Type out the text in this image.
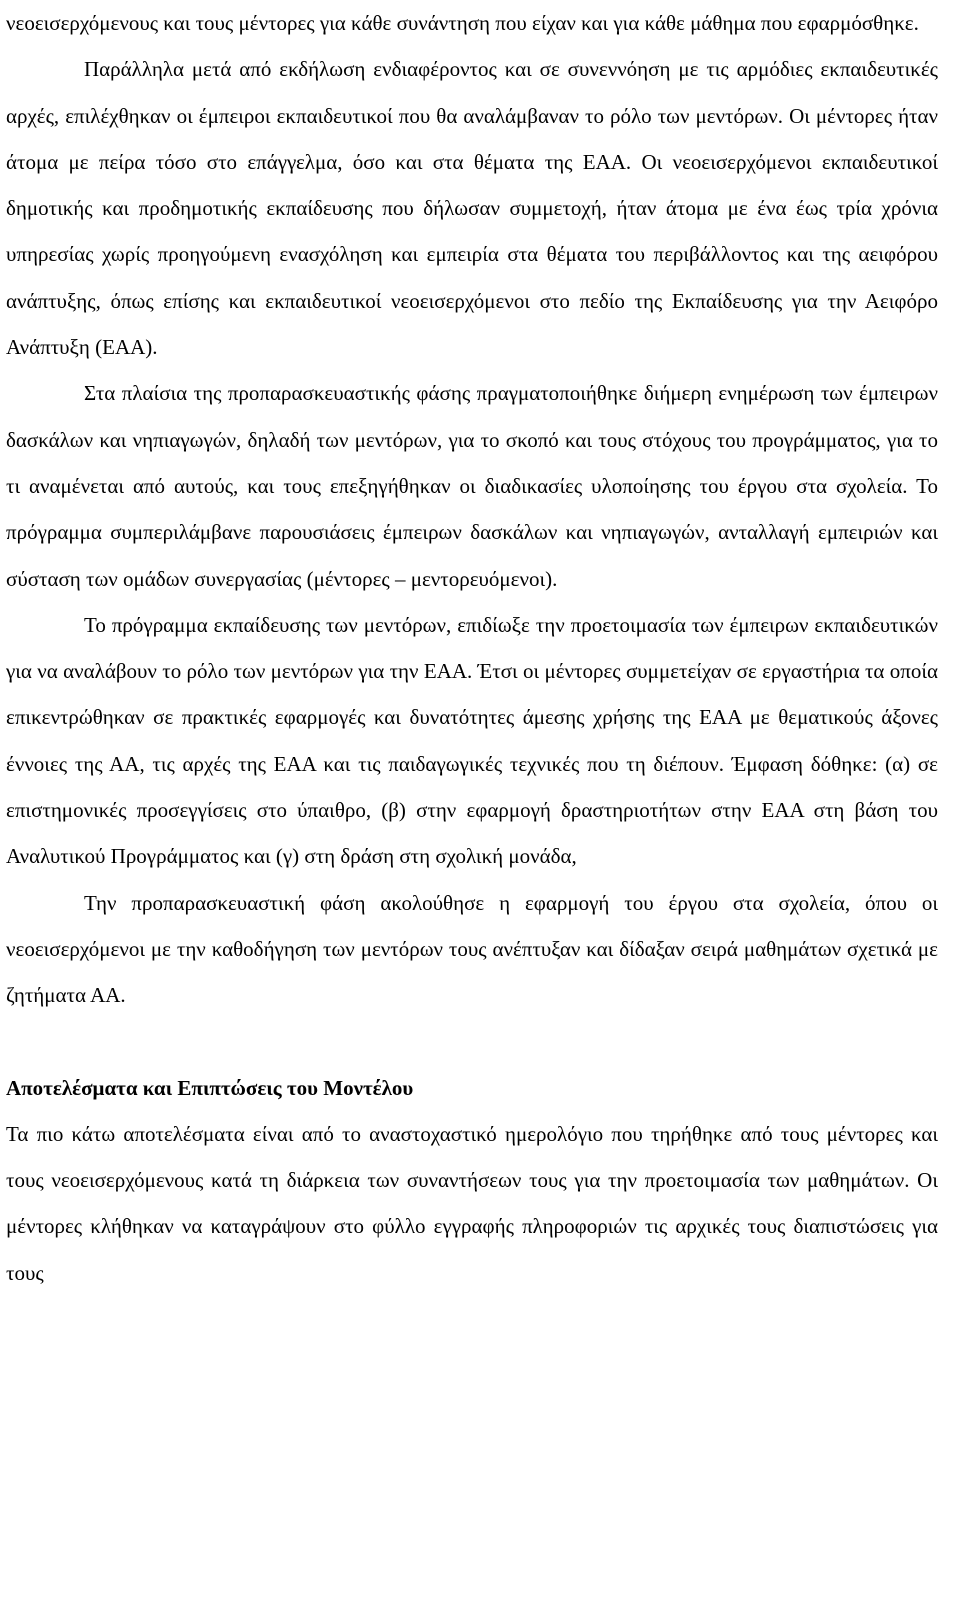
νεοεισερχόμενους και τους μέντορες για κάθε συνάντηση που είχαν και για κάθε μάθημα που εφαρμόσθηκε.

Παράλληλα μετά από εκδήλωση ενδιαφέροντος και σε συνεννόηση με τις αρμόδιες εκπαιδευτικές αρχές, επιλέχθηκαν οι έμπειροι εκπαιδευτικοί που θα αναλάμβαναν το ρόλο των μεντόρων. Οι μέντορες ήταν άτομα με πείρα τόσο στο επάγγελμα, όσο και στα θέματα της ΕΑΑ. Οι νεοεισερχόμενοι εκπαιδευτικοί δημοτικής και προδημοτικής εκπαίδευσης που δήλωσαν συμμετοχή, ήταν άτομα με ένα έως τρία χρόνια υπηρεσίας χωρίς προηγούμενη ενασχόληση και εμπειρία στα θέματα του περιβάλλοντος και της αειφόρου ανάπτυξης, όπως επίσης και εκπαιδευτικοί νεοεισερχόμενοι στο πεδίο της Εκπαίδευσης για την Αειφόρο Ανάπτυξη (ΕΑΑ).

Στα πλαίσια της προπαρασκευαστικής φάσης πραγματοποιήθηκε διήμερη ενημέρωση των έμπειρων δασκάλων και νηπιαγωγών, δηλαδή των μεντόρων, για το σκοπό και τους στόχους του προγράμματος, για το τι αναμένεται από αυτούς, και τους επεξηγήθηκαν οι διαδικασίες υλοποίησης του έργου στα σχολεία. Το πρόγραμμα συμπεριλάμβανε παρουσιάσεις έμπειρων δασκάλων και νηπιαγωγών, ανταλλαγή εμπειριών και σύσταση των ομάδων συνεργασίας (μέντορες – μεντορευόμενοι).

Το πρόγραμμα εκπαίδευσης των μεντόρων, επιδίωξε την προετοιμασία των έμπειρων εκπαιδευτικών για να αναλάβουν το ρόλο των μεντόρων για την ΕΑΑ. Έτσι οι μέντορες συμμετείχαν σε εργαστήρια τα οποία επικεντρώθηκαν σε πρακτικές εφαρμογές και δυνατότητες άμεσης χρήσης της ΕΑΑ με θεματικούς άξονες έννοιες της ΑΑ, τις αρχές της ΕΑΑ και τις παιδαγωγικές τεχνικές που τη διέπουν. Έμφαση δόθηκε: (α) σε επιστημονικές προσεγγίσεις στο ύπαιθρο, (β) στην εφαρμογή δραστηριοτήτων στην ΕΑΑ στη βάση του Αναλυτικού Προγράμματος και (γ) στη δράση στη σχολική μονάδα,

Την προπαρασκευαστική φάση ακολούθησε η εφαρμογή του έργου στα σχολεία, όπου οι νεοεισερχόμενοι με την καθοδήγηση των μεντόρων τους ανέπτυξαν και δίδαξαν σειρά μαθημάτων σχετικά με ζητήματα ΑΑ.

Αποτελέσματα και Επιπτώσεις του Μοντέλου

Τα πιο κάτω αποτελέσματα είναι από το αναστοχαστικό ημερολόγιο που τηρήθηκε από τους μέντορες και τους νεοεισερχόμενους κατά τη διάρκεια των συναντήσεων τους για την προετοιμασία των μαθημάτων. Οι μέντορες κλήθηκαν να καταγράψουν στο φύλλο εγγραφής πληροφοριών τις αρχικές τους διαπιστώσεις για τους
